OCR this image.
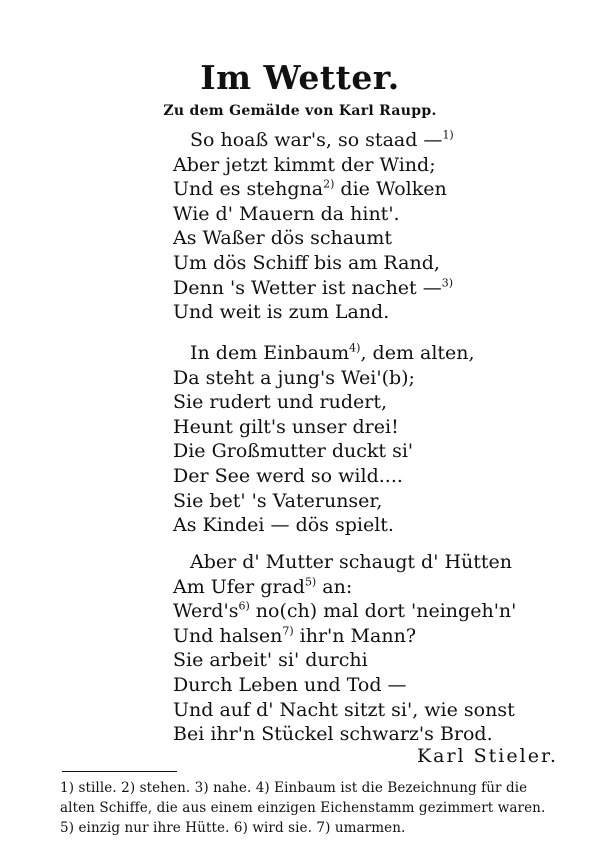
Im Wetter.
Zu dem Gemälde von Karl Raupp.
So hoaß war's, so staad —$^{1)}$
Aber jetzt kimmt der Wind;
Und es stehgna$^{2)}$ die Wolken
Wie d' Mauern da hint'.
As Waßer dös schaumt
Um dös Schiff bis am Rand,
Denn 's Wetter ist nachet —$^{3)}$
Und weit is zum Land.
In dem Einbaum$^{4)}$, dem alten,
Da steht a jung's Wei'(b);
Sie rudert und rudert,
Heunt gilt's unser drei!
Die Großmutter duckt si'
Der See werd so wild....
Sie bet' 's Vaterunser,
As Kindei — dös spielt.
Aber d' Mutter schaugt d' Hütten
Am Ufer grad$^{5)}$ an:
$Werd's^{6)}$ no(ch) mal dort 'neingeh'n'
Und halsen$^{7)}$ ihr'n Mann?
Sie arbeit' si' durchi
Durch Leben und Tod —
Und auf d' Nacht sitzt si', wie sonst
Bei ihr'n Stückel schwarz's Brod.
Karl Stieler.
1) stille. 2) stehen. 3) nahe. 4) Einbaum ist die Bezeichnung für die
alten Schiffe, die aus einem einzigen Eichenstamm gezimmert waren.
5) einzig nur ihre Hütte. 6) wird sie. 7) umarmen.
